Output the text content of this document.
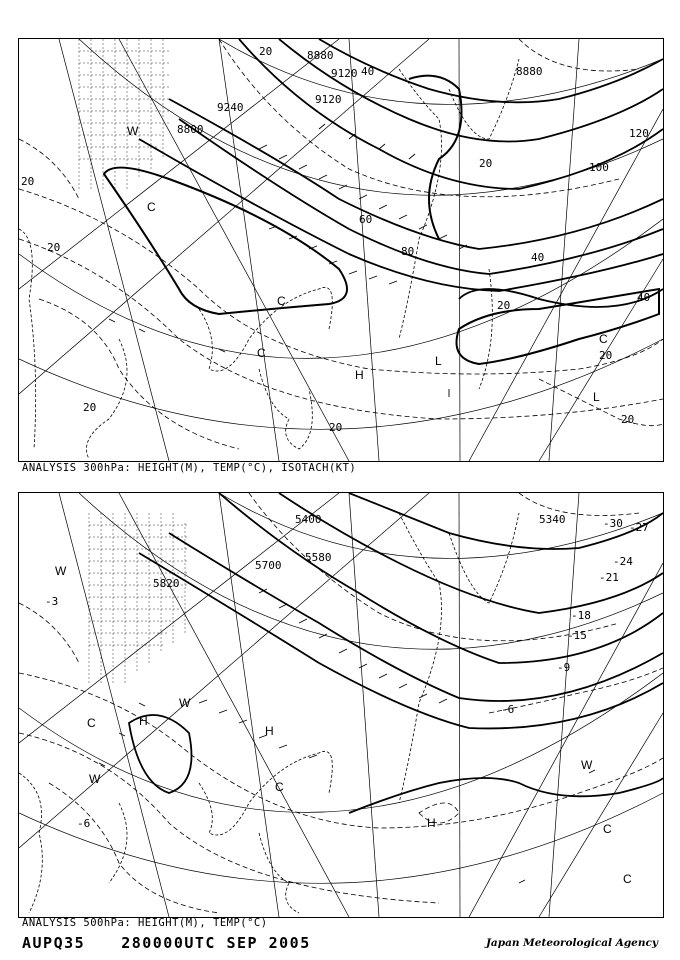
8880
9240
9120
8800
8880
9120
20
40
60
80
100
120
20
40
20
20
20
40
20
20
20
20
W
C
C
C
H
L
L
C
ANALYSIS 300hPa: HEIGHT(M), TEMP(°C), ISOTACH(KT)
5400
5580
5700
5820
5340	-30 -27
-24
-21
-18
-15
-9
-6
-3
-6
W
C
W
H
W
H
C
H
W
C
C
ANALYSIS 500hPa: HEIGHT(M), TEMP(°C)
AUPQ35 280000UTC SEP 2005	Japan Meteorological Agency
